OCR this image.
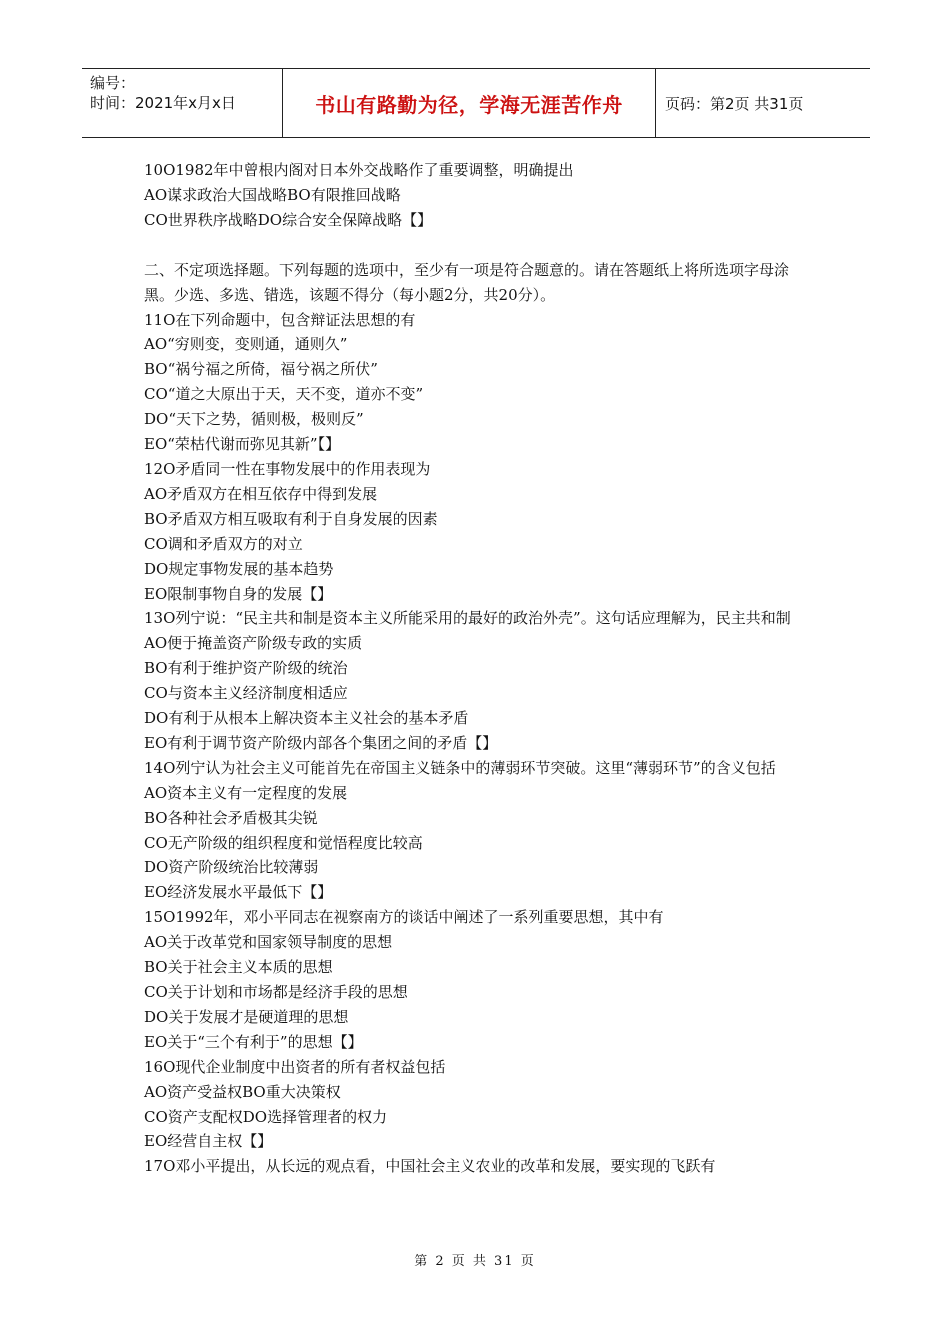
编号：
时间：2021年x月x日	书山有路勤为径，学海无涯苦作舟	页码：第2页 共31页
10O1982年中曾根内阁对日本外交战略作了重要调整，明确提出
AO谋求政治大国战略BO有限推回战略
CO世界秩序战略DO综合安全保障战略【】
二、不定项选择题。下列每题的选项中，至少有一项是符合题意的。请在答题纸上将所选项字母涂黑。少选、多选、错选，该题不得分（每小题2分，共20分）。
11O在下列命题中，包含辩证法思想的有
AO“穷则变，变则通，通则久”
BO“祸兮福之所倚，福兮祸之所伏”
CO“道之大原出于天，天不变，道亦不变”
DO“天下之势，循则极，极则反”
EO“荣枯代谢而弥见其新”【】
12O矛盾同一性在事物发展中的作用表现为
AO矛盾双方在相互依存中得到发展
BO矛盾双方相互吸取有利于自身发展的因素
CO调和矛盾双方的对立
DO规定事物发展的基本趋势
EO限制事物自身的发展【】
13O列宁说：“民主共和制是资本主义所能采用的最好的政治外壳”。这句话应理解为，民主共和制
AO便于掩盖资产阶级专政的实质
BO有利于维护资产阶级的统治
CO与资本主义经济制度相适应
DO有利于从根本上解决资本主义社会的基本矛盾
EO有利于调节资产阶级内部各个集团之间的矛盾【】
14O列宁认为社会主义可能首先在帝国主义链条中的薄弱环节突破。这里“薄弱环节”的含义包括
AO资本主义有一定程度的发展
BO各种社会矛盾极其尖锐
CO无产阶级的组织程度和觉悟程度比较高
DO资产阶级统治比较薄弱
EO经济发展水平最低下【】
15O1992年，邓小平同志在视察南方的谈话中阐述了一系列重要思想，其中有
AO关于改革党和国家领导制度的思想
BO关于社会主义本质的思想
CO关于计划和市场都是经济手段的思想
DO关于发展才是硬道理的思想
EO关于“三个有利于”的思想【】
16O现代企业制度中出资者的所有者权益包括
AO资产受益权BO重大决策权
CO资产支配权DO选择管理者的权力
EO经营自主权【】
17O邓小平提出，从长远的观点看，中国社会主义农业的改革和发展，要实现的飞跃有
第 2 页 共 31 页
